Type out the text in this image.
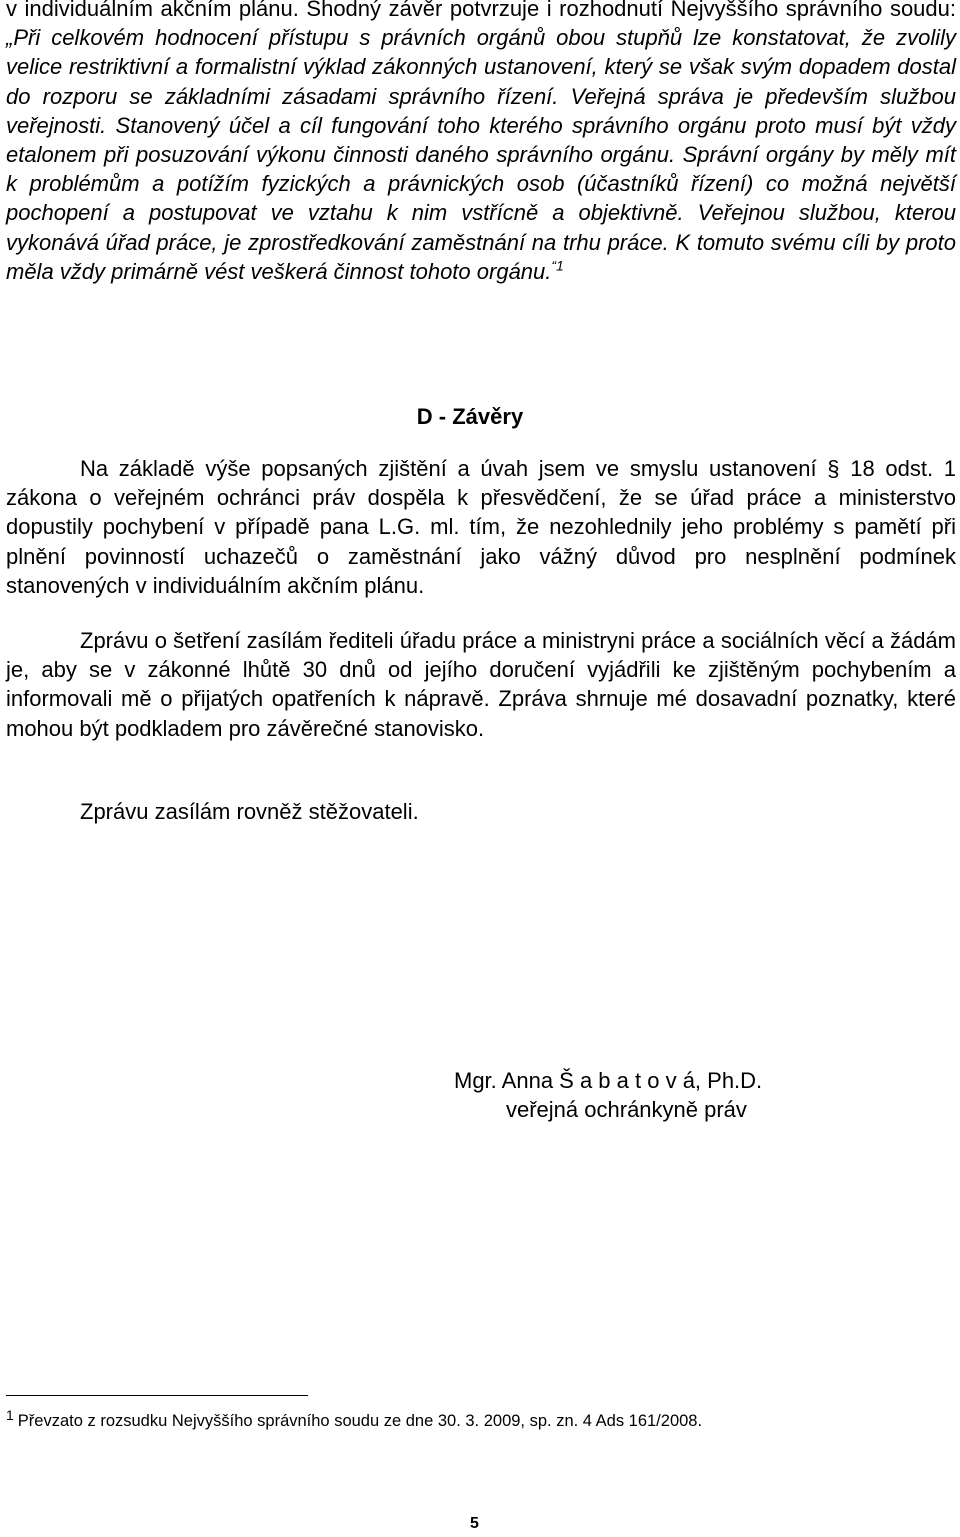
v individuálním akčním plánu. Shodný závěr potvrzuje i rozhodnutí Nejvyššího správního soudu: „Při celkovém hodnocení přístupu s právních orgánů obou stupňů lze konstatovat, že zvolily velice restriktivní a formalistní výklad zákonných ustanovení, který se však svým dopadem dostal do rozporu se základními zásadami správního řízení. Veřejná správa je především službou veřejnosti. Stanovený účel a cíl fungování toho kterého správního orgánu proto musí být vždy etalonem při posuzování výkonu činnosti daného správního orgánu. Správní orgány by měly mít k problémům a potížím fyzických a právnických osob (účastníků řízení) co možná největší pochopení a postupovat ve vztahu k nim vstřícně a objektivně. Veřejnou službou, kterou vykonává úřad práce, je zprostředkování zaměstnání na trhu práce. K tomuto svému cíli by proto měla vždy primárně vést veškerá činnost tohoto orgánu.$^{“1}$
D - Závěry
Na základě výše popsaných zjištění a úvah jsem ve smyslu ustanovení § 18 odst. 1 zákona o veřejném ochránci práv dospěla k přesvědčení, že se úřad práce a ministerstvo dopustily pochybení v případě pana L.G. ml. tím, že nezohlednily jeho problémy s pamětí při plnění povinností uchazečů o zaměstnání jako vážný důvod pro nesplnění podmínek stanovených v individuálním akčním plánu.
Zprávu o šetření zasílám řediteli úřadu práce a ministryni práce a sociálních věcí a žádám je, aby se v zákonné lhůtě 30 dnů od jejího doručení vyjádřili ke zjištěným pochybením a informovali mě o přijatých opatřeních k nápravě. Zpráva shrnuje mé dosavadní poznatky, které mohou být podkladem pro závěrečné stanovisko.
Zprávu zasílám rovněž stěžovateli.
Mgr. Anna Š a b a t o v á, Ph.D.
veřejná ochránkyně práv
$^1$ Převzato z rozsudku Nejvyššího správního soudu ze dne 30. 3. 2009, sp. zn. 4 Ads 161/2008.
5
